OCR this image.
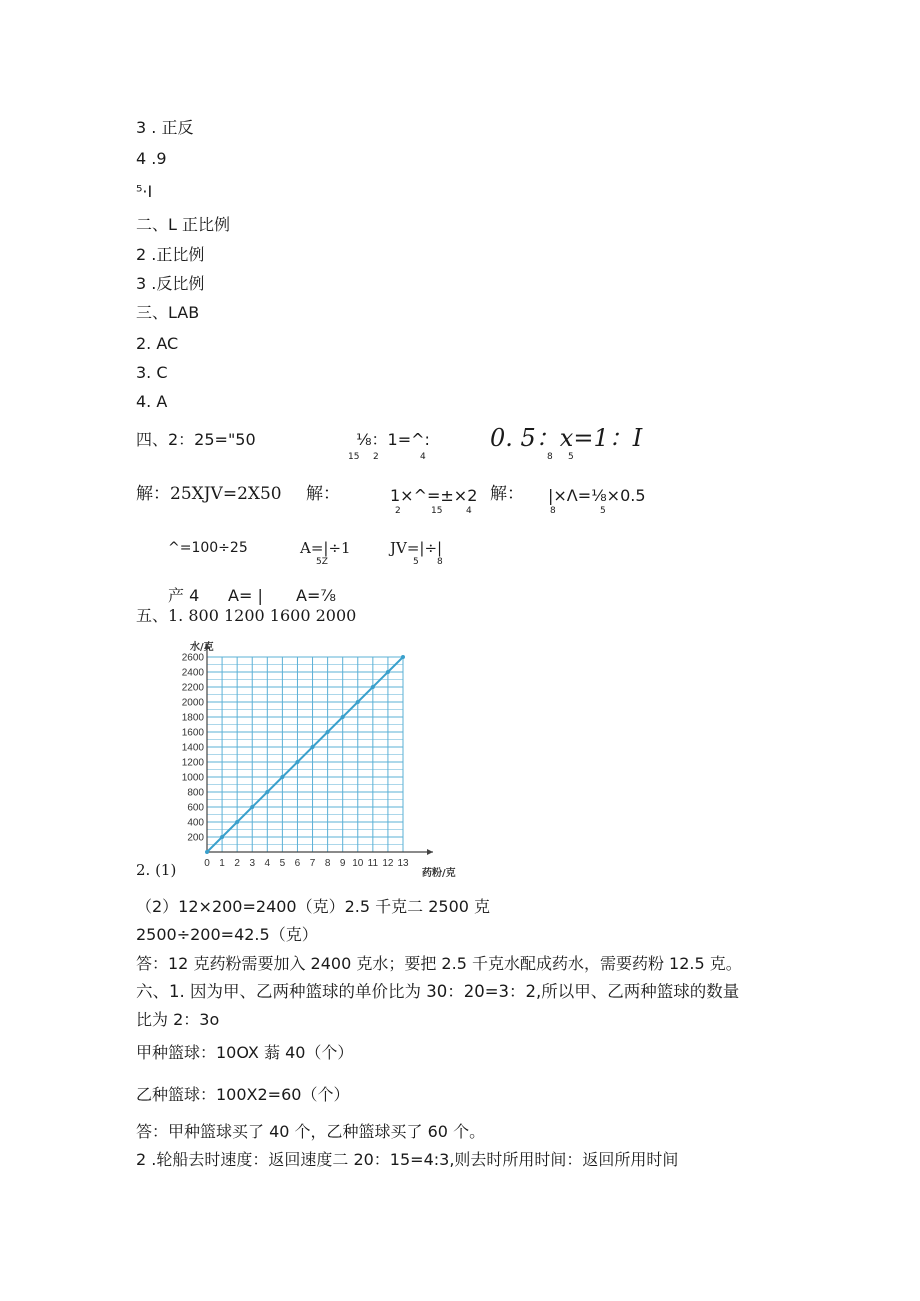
3 . 正反
4 .9
⁵·I
二、L 正比例
2 .正比例
3 .反比例
三、LAB
2. AC
3. C
4. A
四、2：25="50	⅛：1=^:
15 2	4
0. 5：x=1：I
8 5
解：25XJV=2X50 解：	1×^=±×2
2	15	4
解： |×Λ=⅛×0.5
8	5
^=100÷25	A=|÷1
5Z
JV=|÷|
5 8
产 4 A= | A=⅞
五、1. 800 1200 1600 2000
0 1 2 3 4 5 6 7 8 9 10 11 12 13
200
400
600
800
1000
1200
1400
1600
1800
2000
2200
2400
2600
水/克
药粉/克
2. (1)
（2）12×200=2400（克）2.5 千克二 2500 克
2500÷200=42.5（克）
答：12 克药粉需要加入 2400 克水；要把 2.5 千克水配成药水，需要药粉 12.5 克。
六、1. 因为甲、乙两种篮球的单价比为 30：20=3：2,所以甲、乙两种篮球的数量
比为 2：3o
甲种篮球：10OX 蓊 40（个）
乙种篮球：100X2=60（个）
答：甲种篮球买了 40 个，乙种篮球买了 60 个。
2 .轮船去时速度：返回速度二 20：15=4:3,则去时所用时间：返回所用时间
